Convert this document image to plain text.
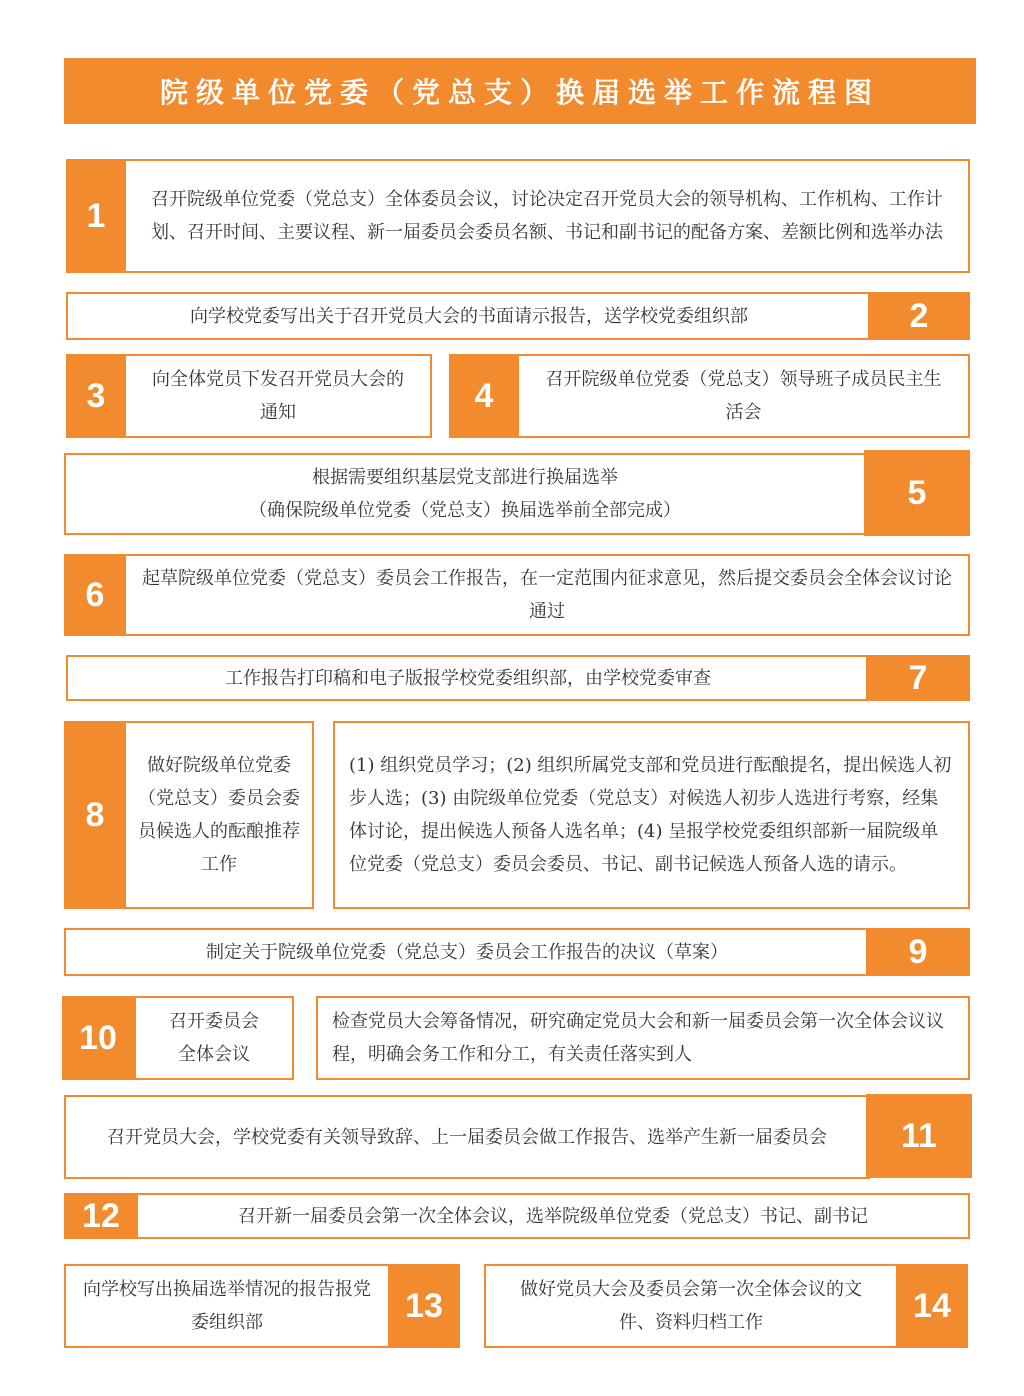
院级单位党委（党总支）换届选举工作流程图
1	召开院级单位党委（党总支）全体委员会议，讨论决定召开党员大会的领导机构、工作机构、工作计划、召开时间、主要议程、新一届委员会委员名额、书记和副书记的配备方案、差额比例和选举办法

向学校党委写出关于召开党员大会的书面请示报告，送学校党委组织部	2
3	向全体党员下发召开党员大会的通知	4	召开院级单位党委（党总支）领导班子成员民主生活会

根据需要组织基层党支部进行换届选举

（确保院级单位党委（党总支）换届选举前全部完成）	5
6	起草院级单位党委（党总支）委员会工作报告，在一定范围内征求意见，然后提交委员会全体会议讨论通过

工作报告打印稿和电子版报学校党委组织部，由学校党委审查	7
8

做好院级单位党委（党总支）委员会委员候选人的酝酿推荐工作

(1) 组织党员学习；(2) 组织所属党支部和党员进行酝酿提名，提出候选人初步人选；(3) 由院级单位党委（党总支）对候选人初步人选进行考察，经集体讨论，提出候选人预备人选名单；(4) 呈报学校党委组织部新一届院级单位党委（党总支）委员会委员、书记、副书记候选人预备人选的请示。

制定关于院级单位党委（党总支）委员会工作报告的决议（草案）	9
10	召开委员会全体会议

检查党员大会筹备情况，研究确定党员大会和新一届委员会第一次全体会议议程，明确会务工作和分工，有关责任落实到人

召开党员大会，学校党委有关领导致辞、上一届委员会做工作报告、选举产生新一届委员会	11
12	召开新一届委员会第一次全体会议，选举院级单位党委（党总支）书记、副书记

向学校写出换届选举情况的报告报党委组织部	13	做好党员大会及委员会第一次全体会议的文件、资料归档工作	14
